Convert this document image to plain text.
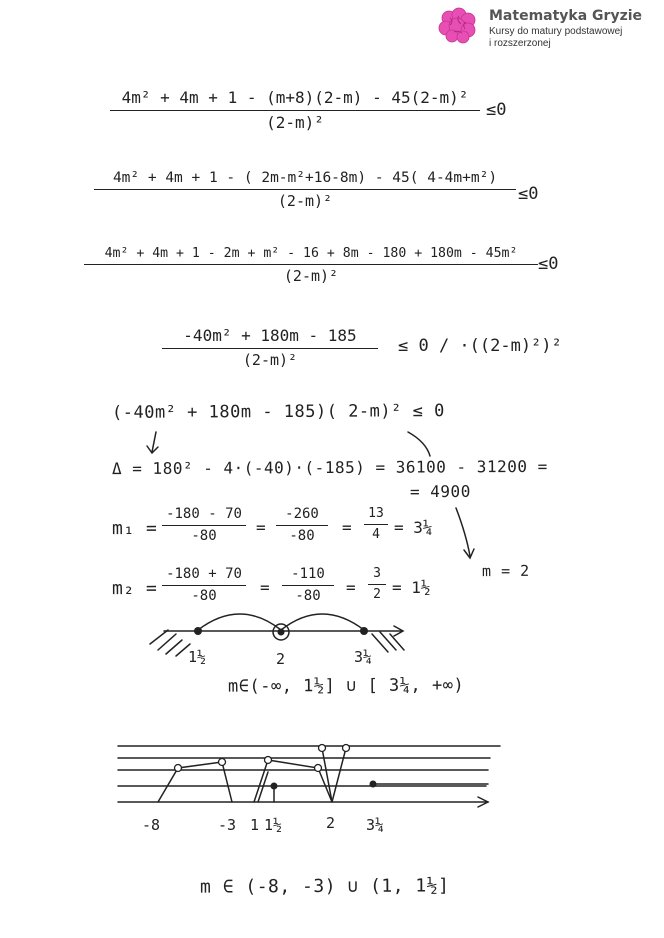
Matematyka Gryzie
Kursy do matury podstawowej
i rozszerzonej
4m² + 4m + 1 - (m+8)(2-m) - 45(2-m)²
(2-m)²
≤0
4m² + 4m + 1 - ( 2m-m²+16-8m) - 45( 4-4m+m²)
(2-m)²	≤0
4m² + 4m + 1 - 2m + m² - 16 + 8m - 180 + 180m - 45m²
(2-m)²
≤0
-40m² + 180m - 185
(2-m)²
≤ 0 / ·((2-m)²)²
(-40m² + 180m - 185)( 2-m)² ≤ 0
Δ = 180² - 4·(-40)·(-185) = 36100 - 31200 =
= 4900
m₁ =
-180 - 70
-80 =
-260
-80 =
13
4 = 3¼
m₂ =
-180 + 70
-80	=
-110
-80 =
3
2 = 1½
m = 2
1½	2	3¼
m∈(-∞, 1½] ∪ [ 3¼, +∞)
-8	-3 1 1½	2 3¼
m ∈ (-8, -3) ∪ (1, 1½]
